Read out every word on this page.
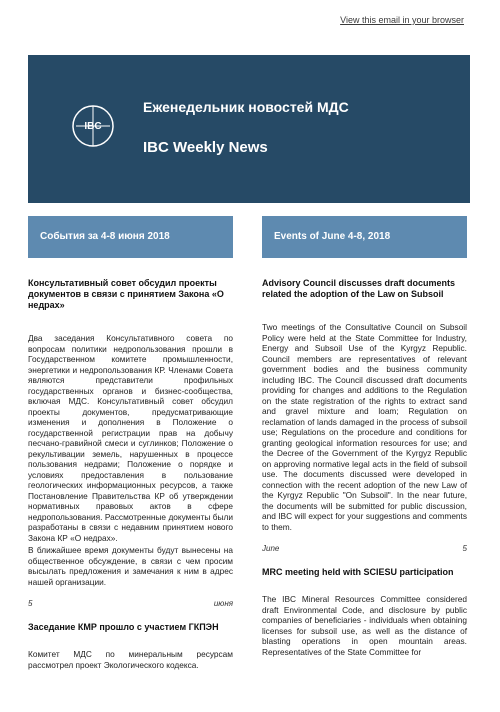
View this email in your browser
IBC
Еженедельник новостей МДС
IBC Weekly News
События за 4-8 июня 2018
Консультативный совет обсудил проекты документов в связи с принятием Закона «О недрах»

Два заседания Консультативного совета по вопросам политики недропользования прошли в Государственном комитете промышленности, энергетики и недропользования КР. Членами Совета являются представители профильных государственных органов и бизнес-сообщества, включая МДС. Консультативный совет обсудил проекты документов, предусматривающие изменения и дополнения в Положение о государственной регистрации прав на добычу песчано-гравийной смеси и суглинков; Положение о рекультивации земель, нарушенных в процессе пользования недрами; Положение о порядке и условиях предоставления в пользование геологических информационных ресурсов, а также Постановление Правительства КР об утверждении нормативных правовых актов в сфере недропользования. Рассмотренные документы были разработаны в связи с недавним принятием нового Закона КР «О недрах».

В ближайшее время документы будут вынесены на общественное обсуждение, в связи с чем просим высылать предложения и замечания к ним в адрес нашей организации.

5	июня
Заседание КМР прошло с участием ГКПЭН

Комитет МДС по минеральным ресурсам рассмотрел проект Экологического кодекса.

Events of June 4-8, 2018
Advisory Council discusses draft documents related the adoption of the Law on Subsoil

Two meetings of the Consultative Council on Subsoil Policy were held at the State Committee for Industry, Energy and Subsoil Use of the Kyrgyz Republic. Council members are representatives of relevant government bodies and the business community including IBC. The Council discussed draft documents providing for changes and additions to the Regulation on the state registration of the rights to extract sand and gravel mixture and loam; Regulation on reclamation of lands damaged in the process of subsoil use; Regulations on the procedure and conditions for granting geological information resources for use; and the Decree of the Government of the Kyrgyz Republic on approving normative legal acts in the field of subsoil use. The documents discussed were developed in connection with the recent adoption of the new Law of the Kyrgyz Republic "On Subsoil". In the near future, the documents will be submitted for public discussion, and IBC will expect for your suggestions and comments to them.

June	5
MRC meeting held with SCIESU participation

The IBC Mineral Resources Committee considered draft Environmental Code, and disclosure by public companies of beneficiaries - individuals when obtaining licenses for subsoil use, as well as the distance of blasting operations in open mountain areas. Representatives of the State Committee for
